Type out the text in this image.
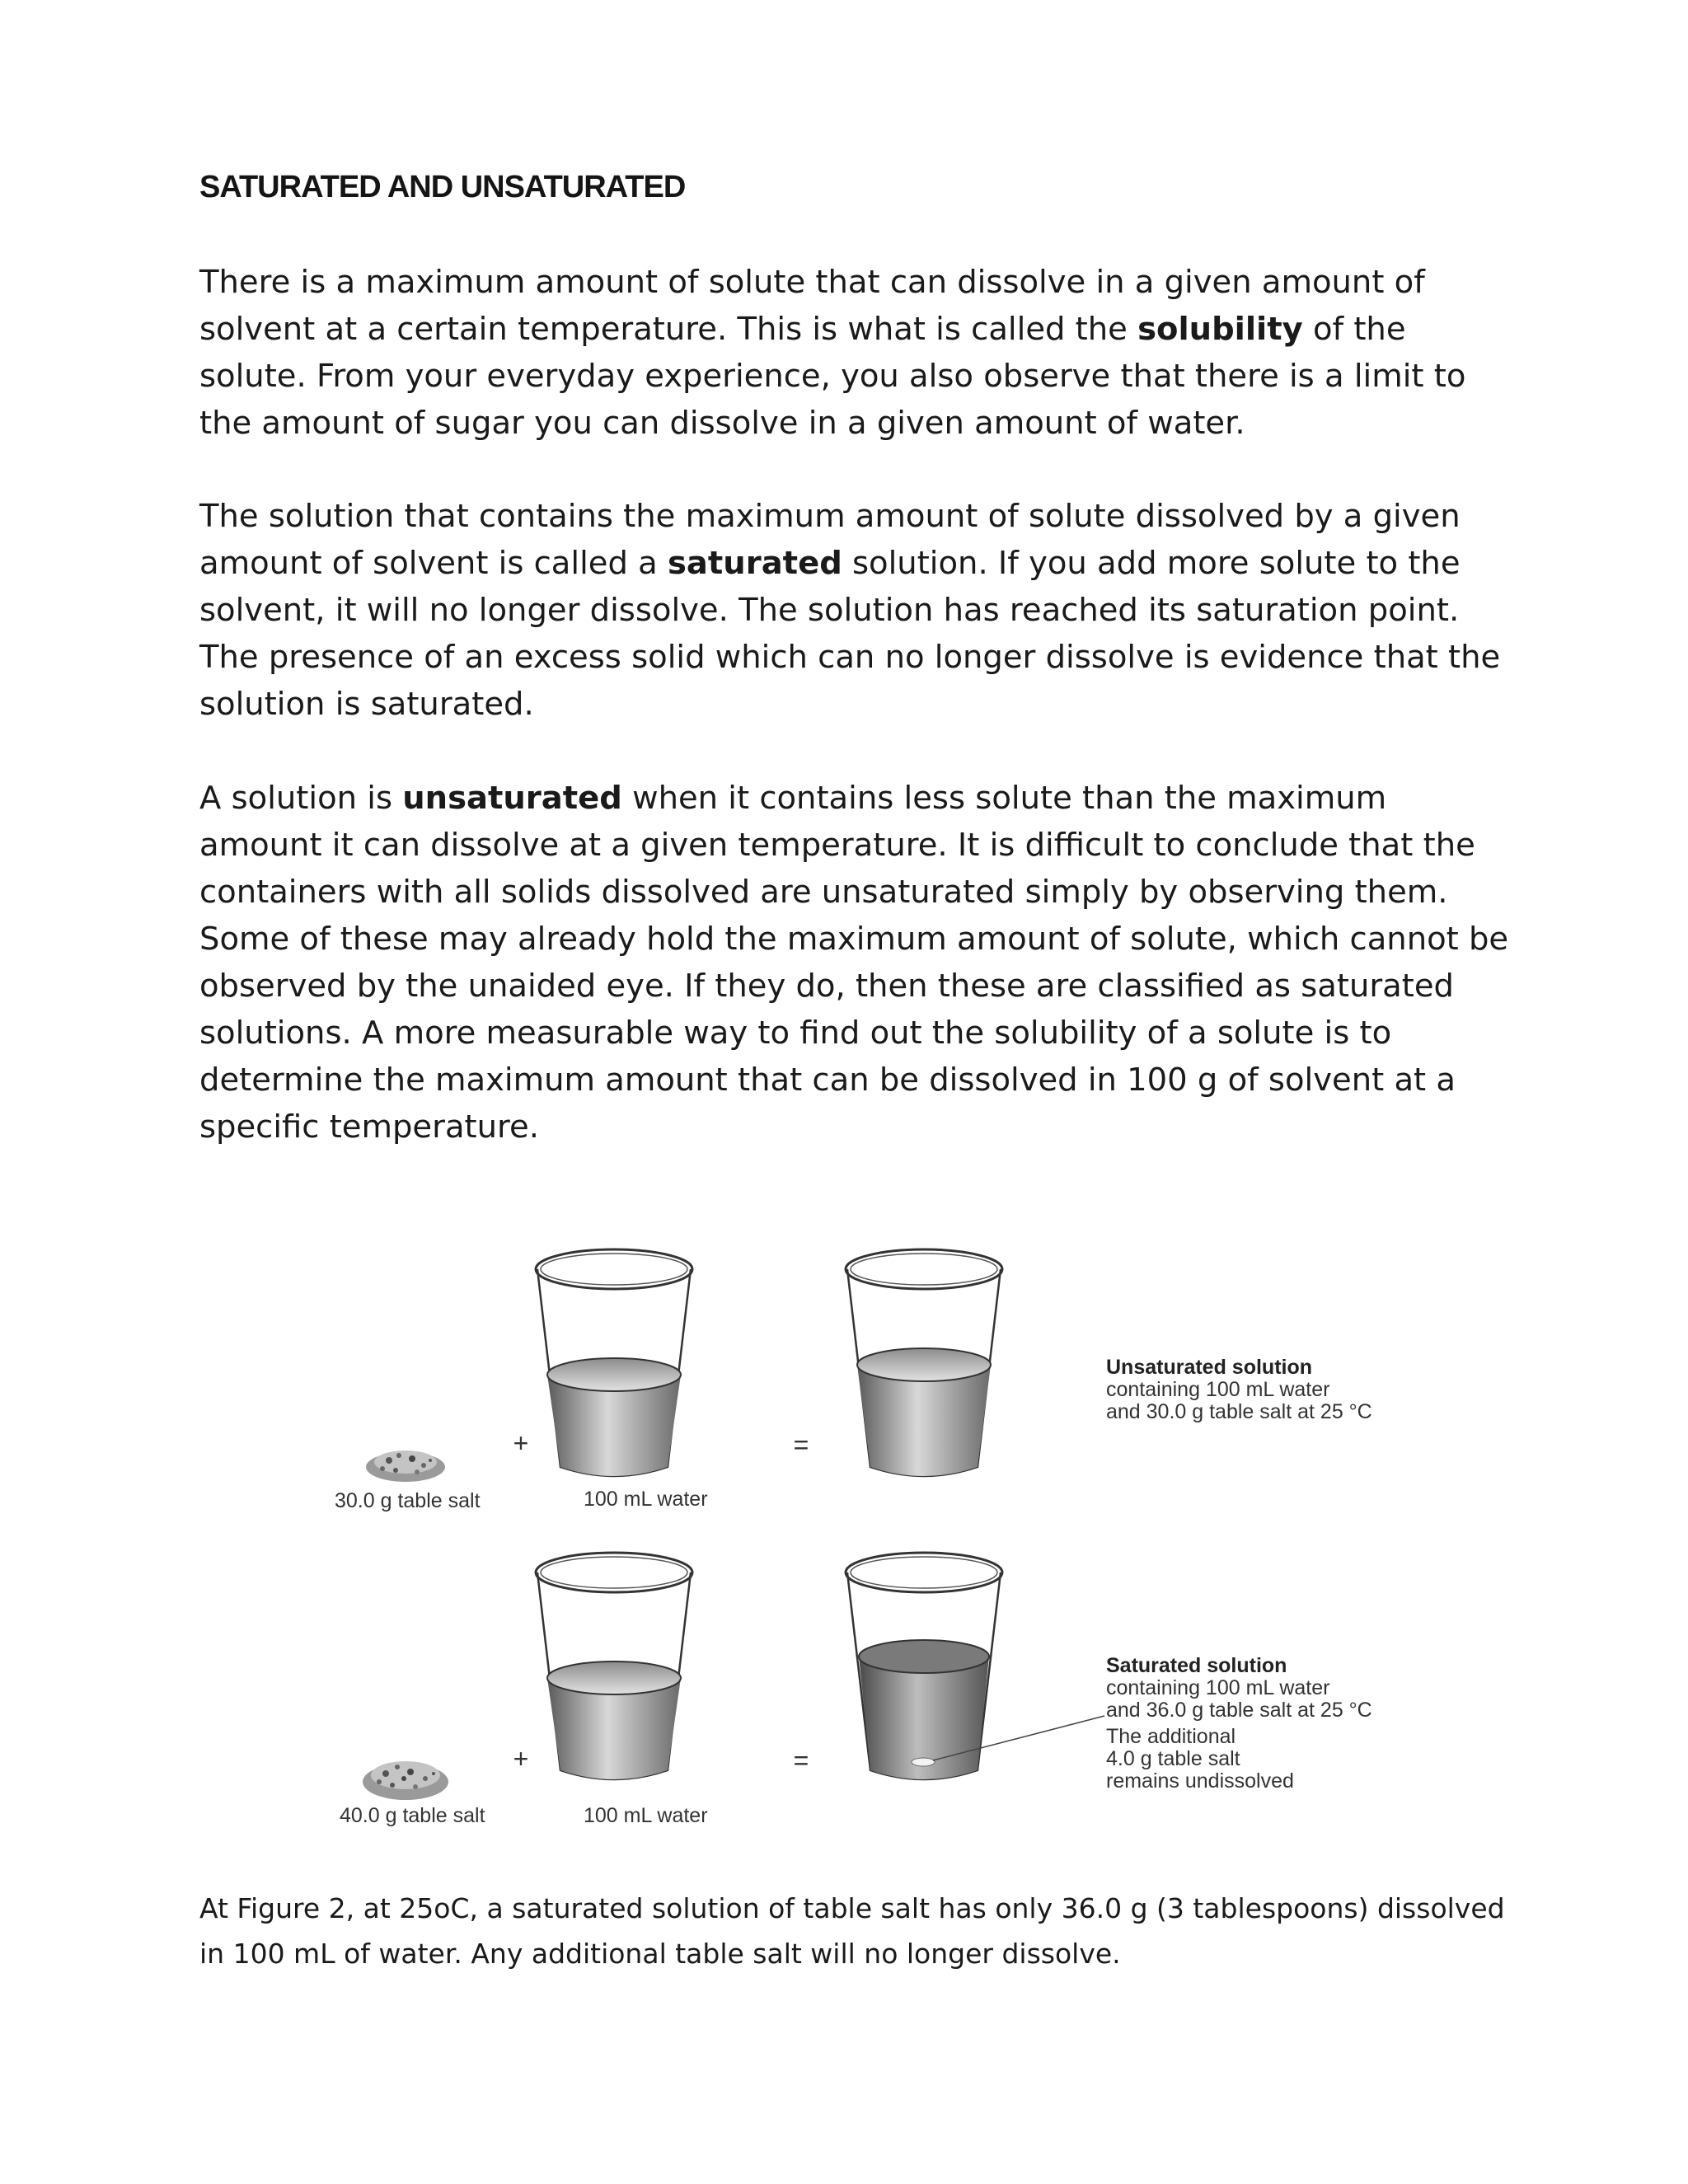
SATURATED AND UNSATURATED
There is a maximum amount of solute that can dissolve in a given amount of solvent at a certain temperature. This is what is called the solubility of the solute. From your everyday experience, you also observe that there is a limit to the amount of sugar you can dissolve in a given amount of water.
The solution that contains the maximum amount of solute dissolved by a given amount of solvent is called a saturated solution. If you add more solute to the solvent, it will no longer dissolve. The solution has reached its saturation point. The presence of an excess solid which can no longer dissolve is evidence that the solution is saturated.
A solution is unsaturated when it contains less solute than the maximum amount it can dissolve at a given temperature. It is difficult to conclude that the containers with all solids dissolved are unsaturated simply by observing them. Some of these may already hold the maximum amount of solute, which cannot be observed by the unaided eye. If they do, then these are classified as saturated solutions. A more measurable way to find out the solubility of a solute is to determine the maximum amount that can be dissolved in 100 g of solvent at a specific temperature.
+	=
+	=
30.0 g table salt	100 mL water
Unsaturated solution
containing 100 mL water
and 30.0 g table salt at 25 °C
40.0 g table salt	100 mL water
Saturated solution
containing 100 mL water
and 36.0 g table salt at 25 °C
The additional
4.0 g table salt
remains undissolved
At Figure 2, at 25oC, a saturated solution of table salt has only 36.0 g (3 tablespoons) dissolved in 100 mL of water. Any additional table salt will no longer dissolve.
